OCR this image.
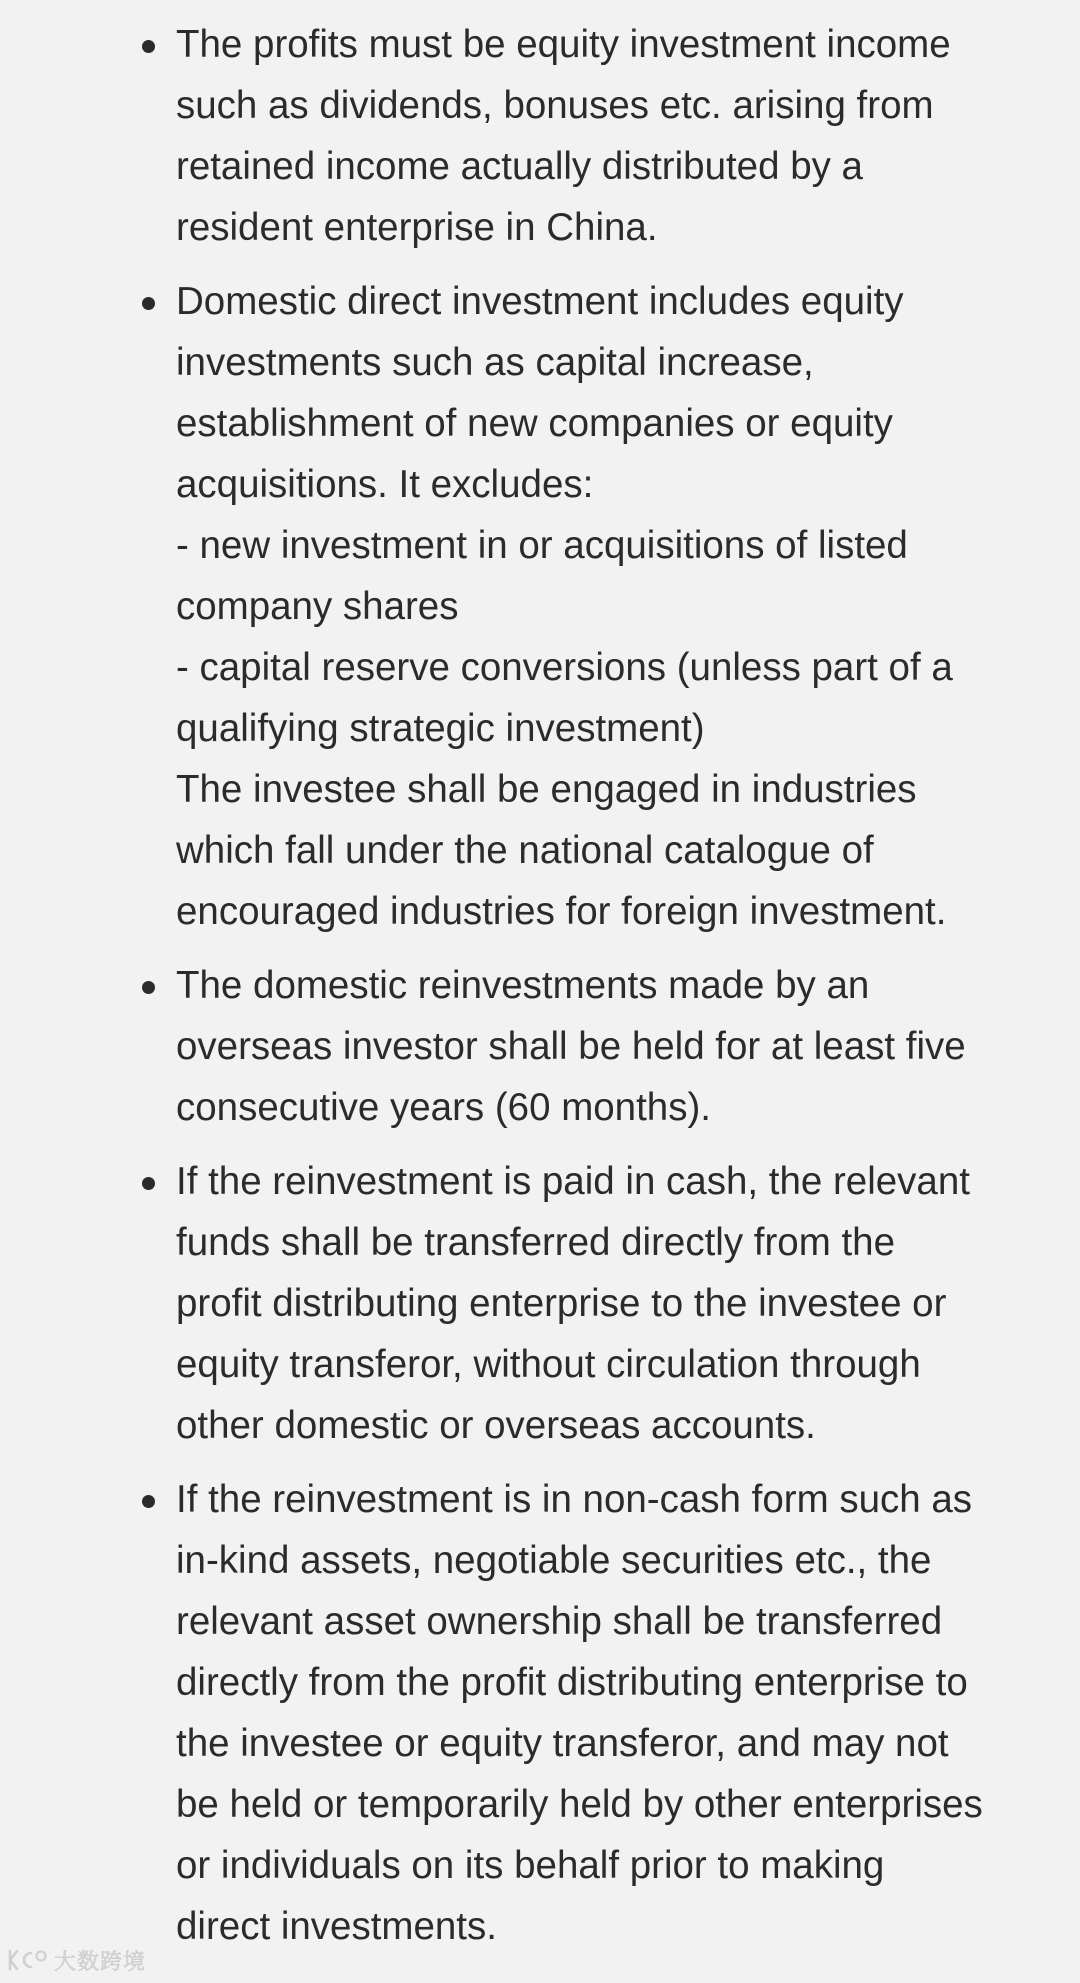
The profits must be equity investment income
such as dividends, bonuses etc. arising from
retained income actually distributed by a
resident enterprise in China.
Domestic direct investment includes equity
investments such as capital increase,
establishment of new companies or equity
acquisitions. It excludes:
- new investment in or acquisitions of listed
company shares
- capital reserve conversions (unless part of a
qualifying strategic investment)
The investee shall be engaged in industries
which fall under the national catalogue of
encouraged industries for foreign investment.
The domestic reinvestments made by an
overseas investor shall be held for at least five
consecutive years (60 months).
If the reinvestment is paid in cash, the relevant
funds shall be transferred directly from the
profit distributing enterprise to the investee or
equity transferor, without circulation through
other domestic or overseas accounts.
If the reinvestment is in non-cash form such as
in-kind assets, negotiable securities etc., the
relevant asset ownership shall be transferred
directly from the profit distributing enterprise to
the investee or equity transferor, and may not
be held or temporarily held by other enterprises
or individuals on its behalf prior to making
direct investments.
大数跨境
